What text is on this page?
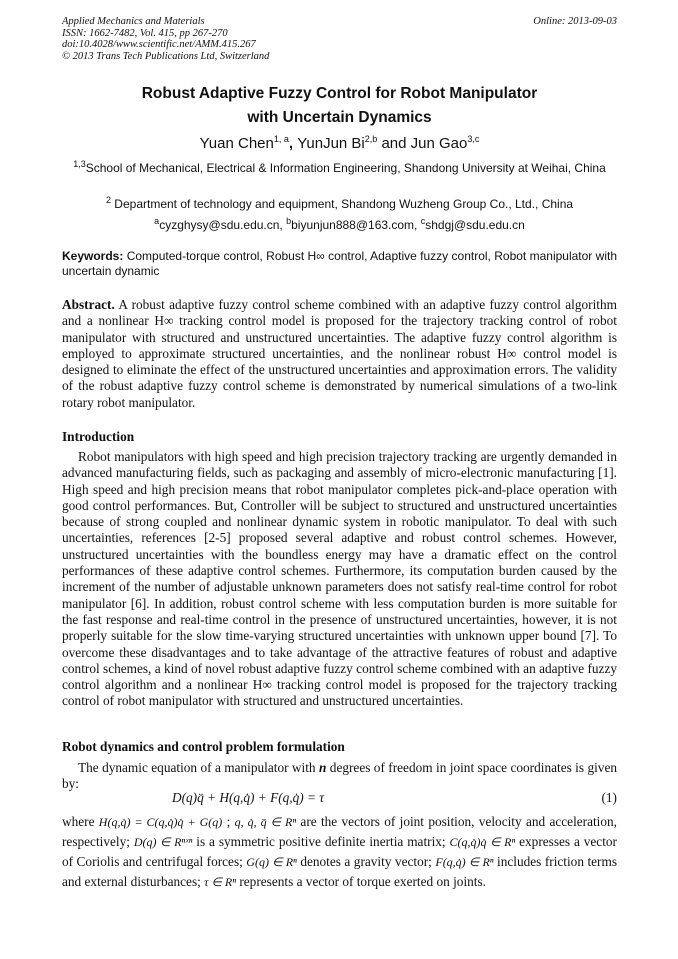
Applied Mechanics and Materials
ISSN: 1662-7482, Vol. 415, pp 267-270
doi:10.4028/www.scientific.net/AMM.415.267
© 2013 Trans Tech Publications Ltd, Switzerland
Online: 2013-09-03
Robust Adaptive Fuzzy Control for Robot Manipulator
with Uncertain Dynamics
Yuan Chen$^{1, a}$, YunJun Bi$^{2,b}$ and Jun Gao$^{3,c}$
$^{1,3}$School of Mechanical, Electrical & Information Engineering, Shandong University at Weihai, China
$^2$ Department of technology and equipment, Shandong Wuzheng Group Co., Ltd., China
$^a$cyzghysy@sdu.edu.cn, $^b$biyunjun888@163.com, $^c$shdgj@sdu.edu.cn
Keywords: Computed-torque control, Robust H∞ control, Adaptive fuzzy control, Robot manipulator with uncertain dynamic
Abstract. A robust adaptive fuzzy control scheme combined with an adaptive fuzzy control algorithm and a nonlinear H∞ tracking control model is proposed for the trajectory tracking control of robot manipulator with structured and unstructured uncertainties. The adaptive fuzzy control algorithm is employed to approximate structured uncertainties, and the nonlinear robust H∞ control model is designed to eliminate the effect of the unstructured uncertainties and approximation errors. The validity of the robust adaptive fuzzy control scheme is demonstrated by numerical simulations of a two-link rotary robot manipulator.
Introduction
Robot manipulators with high speed and high precision trajectory tracking are urgently demanded in advanced manufacturing fields, such as packaging and assembly of micro-electronic manufacturing [1]. High speed and high precision means that robot manipulator completes pick-and-place operation with good control performances. But, Controller will be subject to structured and unstructured uncertainties because of strong coupled and nonlinear dynamic system in robotic manipulator. To deal with such uncertainties, references [2-5] proposed several adaptive and robust control schemes. However, unstructured uncertainties with the boundless energy may have a dramatic effect on the control performances of these adaptive control schemes. Furthermore, its computation burden caused by the increment of the number of adjustable unknown parameters does not satisfy real-time control for robot manipulator [6]. In addition, robust control scheme with less computation burden is more suitable for the fast response and real-time control in the presence of unstructured uncertainties, however, it is not properly suitable for the slow time-varying structured uncertainties with unknown upper bound [7]. To overcome these disadvantages and to take advantage of the attractive features of robust and adaptive control schemes, a kind of novel robust adaptive fuzzy control scheme combined with an adaptive fuzzy control algorithm and a nonlinear H∞ tracking control model is proposed for the trajectory tracking control of robot manipulator with structured and unstructured uncertainties.
Robot dynamics and control problem formulation
The dynamic equation of a manipulator with n degrees of freedom in joint space coordinates is given by:
D(q)q̈ + H(q,q̇) + F(q,q̇) = τ	(1)
where H(q,q̇) = C(q,q̇)q̇ + G(q) ; q, q̇, q̈ ∈ Rⁿ are the vectors of joint position, velocity and acceleration, respectively; D(q) ∈ Rⁿˣⁿ is a symmetric positive definite inertia matrix; C(q,q̇)q̇ ∈ Rⁿ expresses a vector of Coriolis and centrifugal forces; G(q) ∈ Rⁿ denotes a gravity vector; F(q,q̇) ∈ Rⁿ includes friction terms and external disturbances; τ ∈ Rⁿ represents a vector of torque exerted on joints.
